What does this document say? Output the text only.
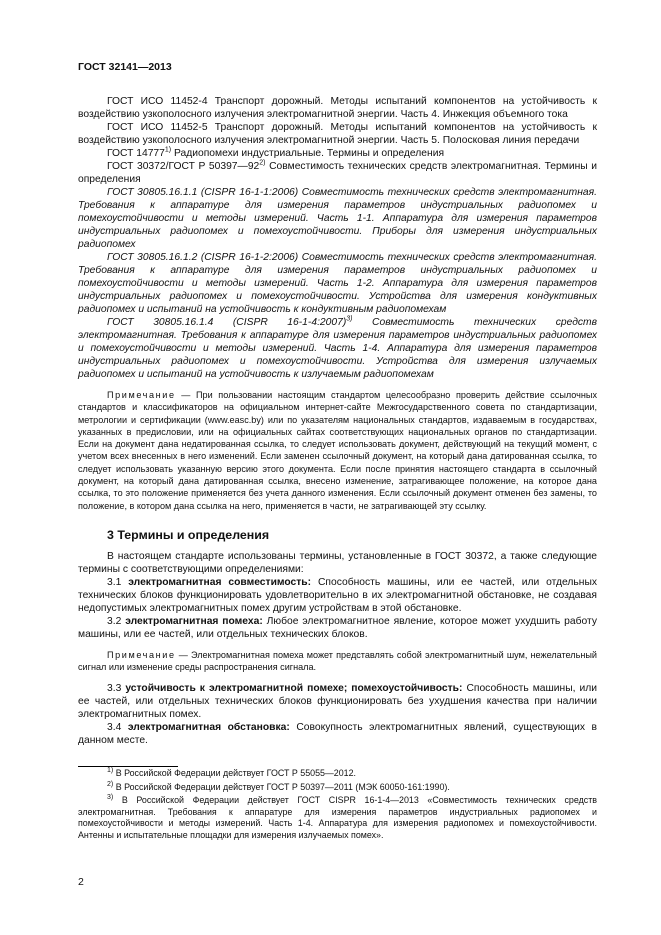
ГОСТ 32141—2013

ГОСТ ИСО 11452-4 Транспорт дорожный. Методы испытаний компонентов на устойчивость к воздействию узкополосного излучения электромагнитной энергии. Часть 4. Инжекция объемного тока

ГОСТ ИСО 11452-5 Транспорт дорожный. Методы испытаний компонентов на устойчивость к воздействию узкополосного излучения электромагнитной энергии. Часть 5. Полосковая линия передачи

ГОСТ 14777$^{1)}$ Радиопомехи индустриальные. Термины и определения

ГОСТ 30372/ГОСТ Р 50397—92$^{2)}$ Совместимость технических средств электромагнитная. Термины и определения

ГОСТ 30805.16.1.1 (CISPR 16-1-1:2006) Совместимость технических средств электромагнитная. Требования к аппаратуре для измерения параметров индустриальных радиопомех и помехоустойчивости и методы измерений. Часть 1-1. Аппаратура для измерения параметров индустриальных радиопомех и помехоустойчивости. Приборы для измерения индустриальных радиопомех

ГОСТ 30805.16.1.2 (CISPR 16-1-2:2006) Совместимость технических средств электромагнитная. Требования к аппаратуре для измерения параметров индустриальных радиопомех и помехоустойчивости и методы измерений. Часть 1-2. Аппаратура для измерения параметров индустриальных радиопомех и помехоустойчивости. Устройства для измерения кондуктивных радиопомех и испытаний на устойчивость к кондуктивным радиопомехам

ГОСТ 30805.16.1.4 (CISPR 16-1-4:2007)$^{3)}$ Совместимость технических средств электромагнитная. Требования к аппаратуре для измерения параметров индустриальных радиопомех и помехоустойчивости и методы измерений. Часть 1-4. Аппаратура для измерения параметров индустриальных радиопомех и помехоустойчивости. Устройства для измерения излучаемых радиопомех и испытаний на устойчивость к излучаемым радиопомехам

Примечание — При пользовании настоящим стандартом целесообразно проверить действие ссылочных стандартов и классификаторов на официальном интернет-сайте Межгосударственного совета по стандартизации, метрологии и сертификации (www.easc.by) или по указателям национальных стандартов, издаваемым в государствах, указанных в предисловии, или на официальных сайтах соответствующих национальных органов по стандартизации. Если на документ дана недатированная ссылка, то следует использовать документ, действующий на текущий момент, с учетом всех внесенных в него изменений. Если заменен ссылочный документ, на который дана датированная ссылка, то следует использовать указанную версию этого документа. Если после принятия настоящего стандарта в ссылочный документ, на который дана датированная ссылка, внесено изменение, затрагивающее положение, на которое дана ссылка, то это положение применяется без учета данного изменения. Если ссылочный документ отменен без замены, то положение, в котором дана ссылка на него, применяется в части, не затрагивающей эту ссылку.

3 Термины и определения

В настоящем стандарте использованы термины, установленные в ГОСТ 30372, а также следующие термины с соответствующими определениями:

3.1 электромагнитная совместимость: Способность машины, или ее частей, или отдельных технических блоков функционировать удовлетворительно в их электромагнитной обстановке, не создавая недопустимых электромагнитных помех другим устройствам в этой обстановке.

3.2 электромагнитная помеха: Любое электромагнитное явление, которое может ухудшить работу машины, или ее частей, или отдельных технических блоков.

Примечание — Электромагнитная помеха может представлять собой электромагнитный шум, нежелательный сигнал или изменение среды распространения сигнала.

3.3 устойчивость к электромагнитной помехе; помехоустойчивость: Способность машины, или ее частей, или отдельных технических блоков функционировать без ухудшения качества при наличии электромагнитных помех.

3.4 электромагнитная обстановка: Совокупность электромагнитных явлений, существующих в данном месте.

$^{1)}$ В Российской Федерации действует ГОСТ Р 55055—2012.

$^{2)}$ В Российской Федерации действует ГОСТ Р 50397—2011 (МЭК 60050-161:1990).

$^{3)}$ В Российской Федерации действует ГОСТ CISPR 16-1-4—2013 «Совместимость технических средств электромагнитная. Требования к аппаратуре для измерения параметров индустриальных радиопомех и помехоустойчивости и методы измерений. Часть 1-4. Аппаратура для измерения радиопомех и помехоустойчивости. Антенны и испытательные площадки для измерения излучаемых помех».

2
